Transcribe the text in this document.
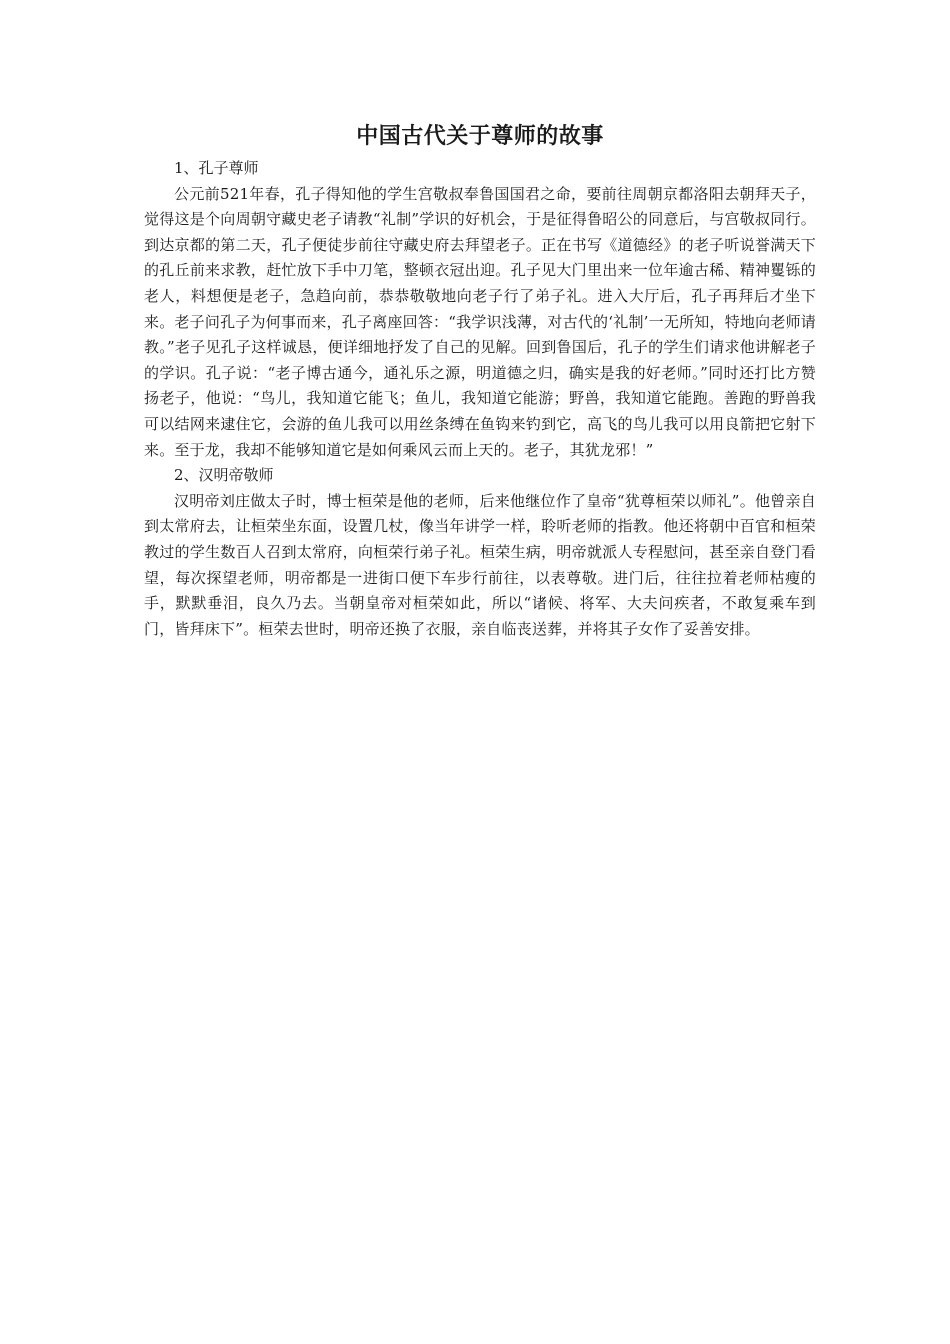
中国古代关于尊师的故事

1、孔子尊师

公元前521年春，孔子得知他的学生宫敬叔奉鲁国国君之命，要前往周朝京都洛阳去朝拜天子，觉得这是个向周朝守藏史老子请教“礼制”学识的好机会，于是征得鲁昭公的同意后，与宫敬叔同行。到达京都的第二天，孔子便徒步前往守藏史府去拜望老子。正在书写《道德经》的老子听说誉满天下的孔丘前来求教，赶忙放下手中刀笔，整顿衣冠出迎。孔子见大门里出来一位年逾古稀、精神矍铄的老人，料想便是老子，急趋向前，恭恭敬敬地向老子行了弟子礼。进入大厅后，孔子再拜后才坐下来。老子问孔子为何事而来，孔子离座回答：“我学识浅薄，对古代的‘礼制’一无所知，特地向老师请教。”老子见孔子这样诚恳，便详细地抒发了自己的见解。回到鲁国后，孔子的学生们请求他讲解老子的学识。孔子说：“老子博古通今，通礼乐之源，明道德之归，确实是我的好老师。”同时还打比方赞扬老子，他说：“鸟儿，我知道它能飞；鱼儿，我知道它能游；野兽，我知道它能跑。善跑的野兽我可以结网来逮住它，会游的鱼儿我可以用丝条缚在鱼钩来钓到它，高飞的鸟儿我可以用良箭把它射下来。至于龙，我却不能够知道它是如何乘风云而上天的。老子，其犹龙邪！”

2、汉明帝敬师

汉明帝刘庄做太子时，博士桓荣是他的老师，后来他继位作了皇帝“犹尊桓荣以师礼”。他曾亲自到太常府去，让桓荣坐东面，设置几杖，像当年讲学一样，聆听老师的指教。他还将朝中百官和桓荣教过的学生数百人召到太常府，向桓荣行弟子礼。桓荣生病，明帝就派人专程慰问，甚至亲自登门看望，每次探望老师，明帝都是一进街口便下车步行前往，以表尊敬。进门后，往往拉着老师枯瘦的手，默默垂泪，良久乃去。当朝皇帝对桓荣如此，所以“诸候、将军、大夫问疾者，不敢复乘车到门，皆拜床下”。桓荣去世时，明帝还换了衣服，亲自临丧送葬，并将其子女作了妥善安排。
